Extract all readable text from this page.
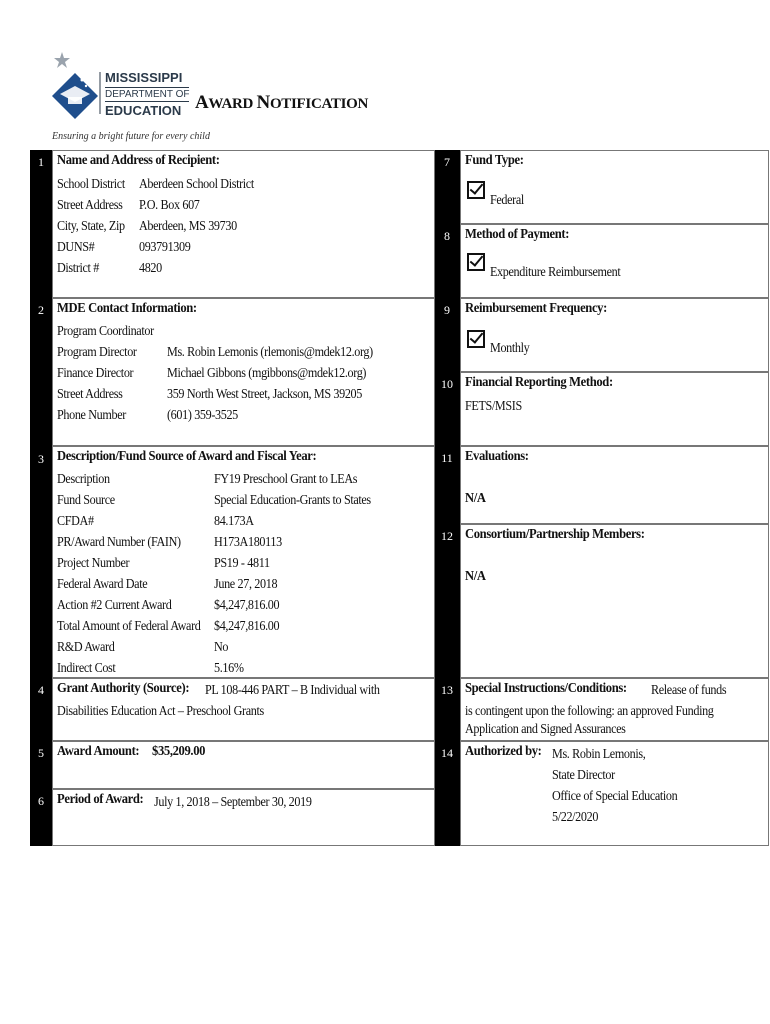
MISSISSIPPI
DEPARTMENT OF
EDUCATION
Ensuring a bright future for every child
AWARD NOTIFICATION
1
2
3
4
5
6
7
8
9
10
11
12
13
14
Name and Address of Recipient:
School District Aberdeen School District
Street Address P.O. Box 607
City, State, Zip Aberdeen, MS 39730
DUNS#	093791309
District #	4820
MDE Contact Information:
Program Coordinator
Program Director Ms. Robin Lemonis (rlemonis@mdek12.org)
Finance Director	Michael Gibbons (mgibbons@mdek12.org)
Street Address	359 North West Street, Jackson, MS 39205
Phone Number	(601) 359-3525
Description/Fund Source of Award and Fiscal Year:
Description	FY19 Preschool Grant to LEAs
Fund Source	Special Education-Grants to States
CFDA#	84.173A
PR/Award Number (FAIN) H173A180113
Project Number	PS19 - 4811
Federal Award Date	June 27, 2018
Action #2 Current Award	$4,247,816.00
Total Amount of Federal Award $4,247,816.00
R&D Award	No
Indirect Cost	5.16%
Grant Authority (Source): PL 108-446 PART – B Individual with
Disabilities Education Act – Preschool Grants
Award Amount: $35,209.00
Period of Award: July 1, 2018 – September 30, 2019
Fund Type:
Federal
Method of Payment:
Expenditure Reimbursement
Reimbursement Frequency:
Monthly
Financial Reporting Method:
FETS/MSIS
Evaluations:
N/A
Consortium/Partnership Members:
N/A
Special Instructions/Conditions: Release of funds
is contingent upon the following: an approved Funding
Application and Signed Assurances
Authorized by: Ms. Robin Lemonis,
State Director
Office of Special Education
5/22/2020
